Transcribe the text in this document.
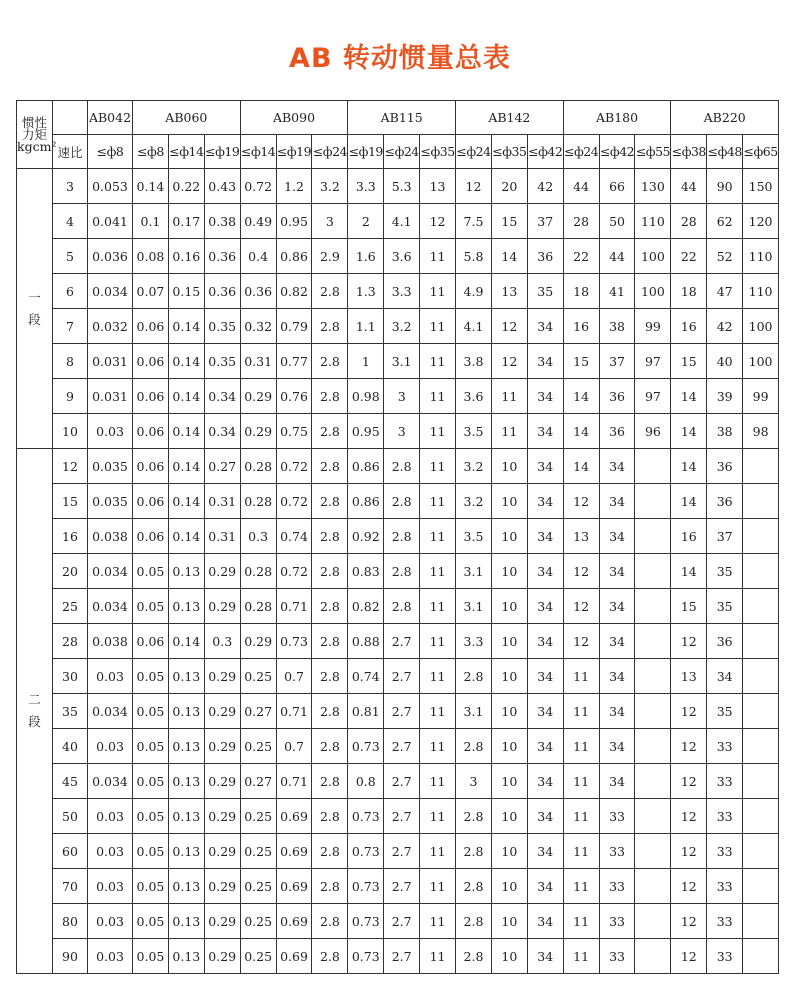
AB 转动惯量总表
惯性
力矩
kgcm²		AB042	AB060			AB090			AB115			AB142			AB180			AB220		
	速比	≤ф8	≤ф8	≤ф14	≤ф19	≤ф14	≤ф19	≤ф24	≤ф19	≤ф24	≤ф35	≤ф24	≤ф35	≤ф42	≤ф24	≤ф42	≤ф55	≤ф38	≤ф48	≤ф65
一
段	3	0.053	0.14	0.22	0.43	0.72	1.2	3.2	3.3	5.3	13	12	20	42	44	66	130	44	90	150
	4	0.041	0.1	0.17	0.38	0.49	0.95	3	2	4.1	12	7.5	15	37	28	50	110	28	62	120
	5	0.036	0.08	0.16	0.36	0.4	0.86	2.9	1.6	3.6	11	5.8	14	36	22	44	100	22	52	110
	6	0.034	0.07	0.15	0.36	0.36	0.82	2.8	1.3	3.3	11	4.9	13	35	18	41	100	18	47	110
	7	0.032	0.06	0.14	0.35	0.32	0.79	2.8	1.1	3.2	11	4.1	12	34	16	38	99	16	42	100
	8	0.031	0.06	0.14	0.35	0.31	0.77	2.8	1	3.1	11	3.8	12	34	15	37	97	15	40	100
	9	0.031	0.06	0.14	0.34	0.29	0.76	2.8	0.98	3	11	3.6	11	34	14	36	97	14	39	99
	10	0.03	0.06	0.14	0.34	0.29	0.75	2.8	0.95	3	11	3.5	11	34	14	36	96	14	38	98
二
段	12	0.035	0.06	0.14	0.27	0.28	0.72	2.8	0.86	2.8	11	3.2	10	34	14	34		14	36	
	15	0.035	0.06	0.14	0.31	0.28	0.72	2.8	0.86	2.8	11	3.2	10	34	12	34		14	36	
	16	0.038	0.06	0.14	0.31	0.3	0.74	2.8	0.92	2.8	11	3.5	10	34	13	34		16	37	
	20	0.034	0.05	0.13	0.29	0.28	0.72	2.8	0.83	2.8	11	3.1	10	34	12	34		14	35	
	25	0.034	0.05	0.13	0.29	0.28	0.71	2.8	0.82	2.8	11	3.1	10	34	12	34		15	35	
	28	0.038	0.06	0.14	0.3	0.29	0.73	2.8	0.88	2.7	11	3.3	10	34	12	34		12	36	
	30	0.03	0.05	0.13	0.29	0.25	0.7	2.8	0.74	2.7	11	2.8	10	34	11	34		13	34	
	35	0.034	0.05	0.13	0.29	0.27	0.71	2.8	0.81	2.7	11	3.1	10	34	11	34		12	35	
	40	0.03	0.05	0.13	0.29	0.25	0.7	2.8	0.73	2.7	11	2.8	10	34	11	34		12	33	
	45	0.034	0.05	0.13	0.29	0.27	0.71	2.8	0.8	2.7	11	3	10	34	11	34		12	33	
	50	0.03	0.05	0.13	0.29	0.25	0.69	2.8	0.73	2.7	11	2.8	10	34	11	33		12	33	
	60	0.03	0.05	0.13	0.29	0.25	0.69	2.8	0.73	2.7	11	2.8	10	34	11	33		12	33	
	70	0.03	0.05	0.13	0.29	0.25	0.69	2.8	0.73	2.7	11	2.8	10	34	11	33		12	33	
	80	0.03	0.05	0.13	0.29	0.25	0.69	2.8	0.73	2.7	11	2.8	10	34	11	33		12	33	
	90	0.03	0.05	0.13	0.29	0.25	0.69	2.8	0.73	2.7	11	2.8	10	34	11	33		12	33	
